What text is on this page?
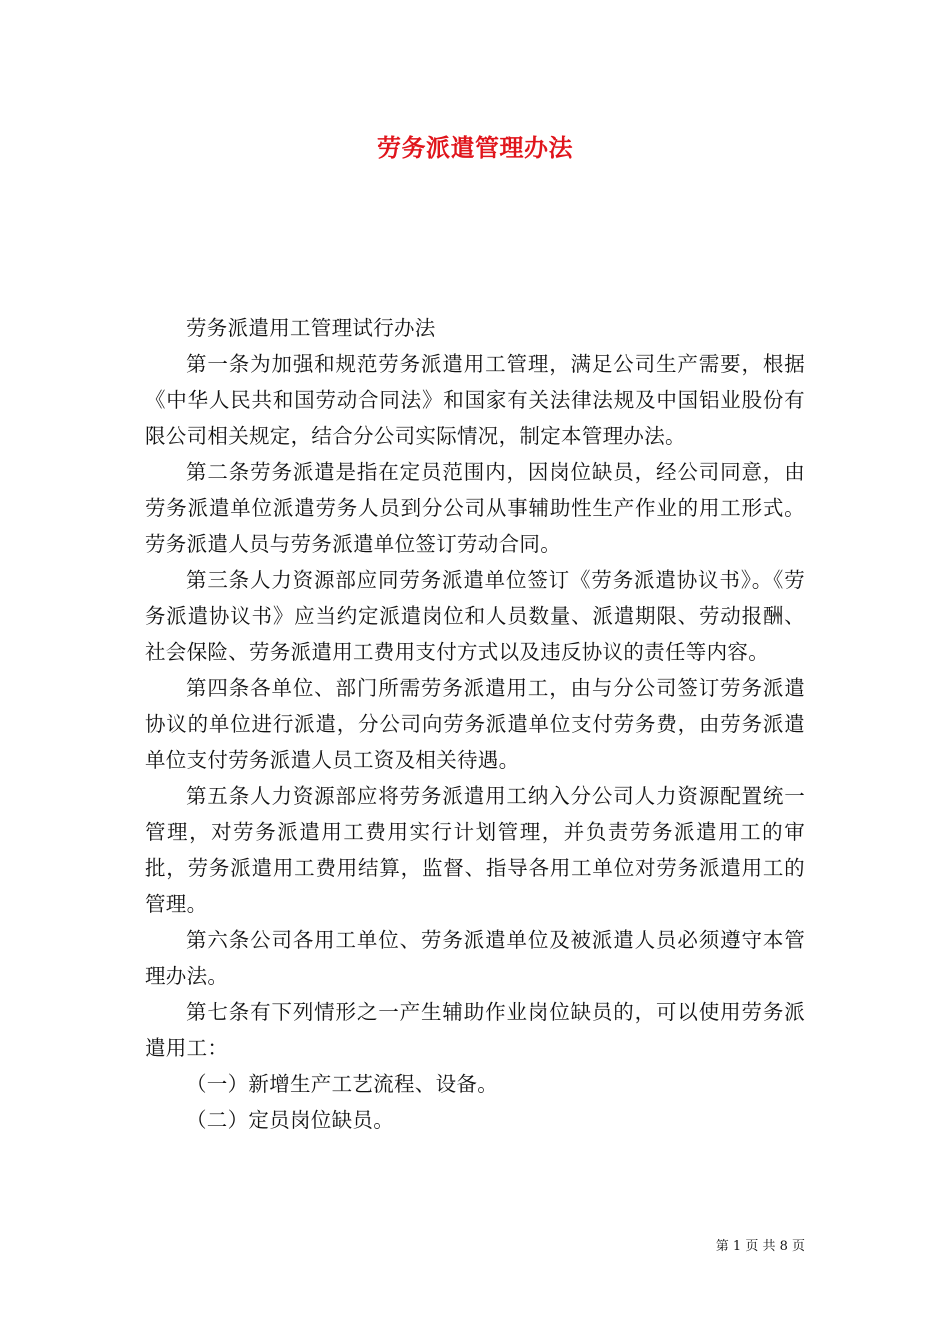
劳务派遣管理办法

劳务派遣用工管理试行办法

第一条为加强和规范劳务派遣用工管理，满足公司生产需要，根据《中华人民共和国劳动合同法》和国家有关法律法规及中国铝业股份有限公司相关规定，结合分公司实际情况，制定本管理办法。

第二条劳务派遣是指在定员范围内，因岗位缺员，经公司同意，由劳务派遣单位派遣劳务人员到分公司从事辅助性生产作业的用工形式。劳务派遣人员与劳务派遣单位签订劳动合同。

第三条人力资源部应同劳务派遣单位签订《劳务派遣协议书》。《劳务派遣协议书》应当约定派遣岗位和人员数量、派遣期限、劳动报酬、社会保险、劳务派遣用工费用支付方式以及违反协议的责任等内容。

第四条各单位、部门所需劳务派遣用工，由与分公司签订劳务派遣协议的单位进行派遣，分公司向劳务派遣单位支付劳务费，由劳务派遣单位支付劳务派遣人员工资及相关待遇。

第五条人力资源部应将劳务派遣用工纳入分公司人力资源配置统一管理，对劳务派遣用工费用实行计划管理，并负责劳务派遣用工的审批，劳务派遣用工费用结算，监督、指导各用工单位对劳务派遣用工的管理。

第六条公司各用工单位、劳务派遣单位及被派遣人员必须遵守本管理办法。

第七条有下列情形之一产生辅助作业岗位缺员的，可以使用劳务派遣用工：

（一）新增生产工艺流程、设备。

（二）定员岗位缺员。

第 1 页 共 8 页
